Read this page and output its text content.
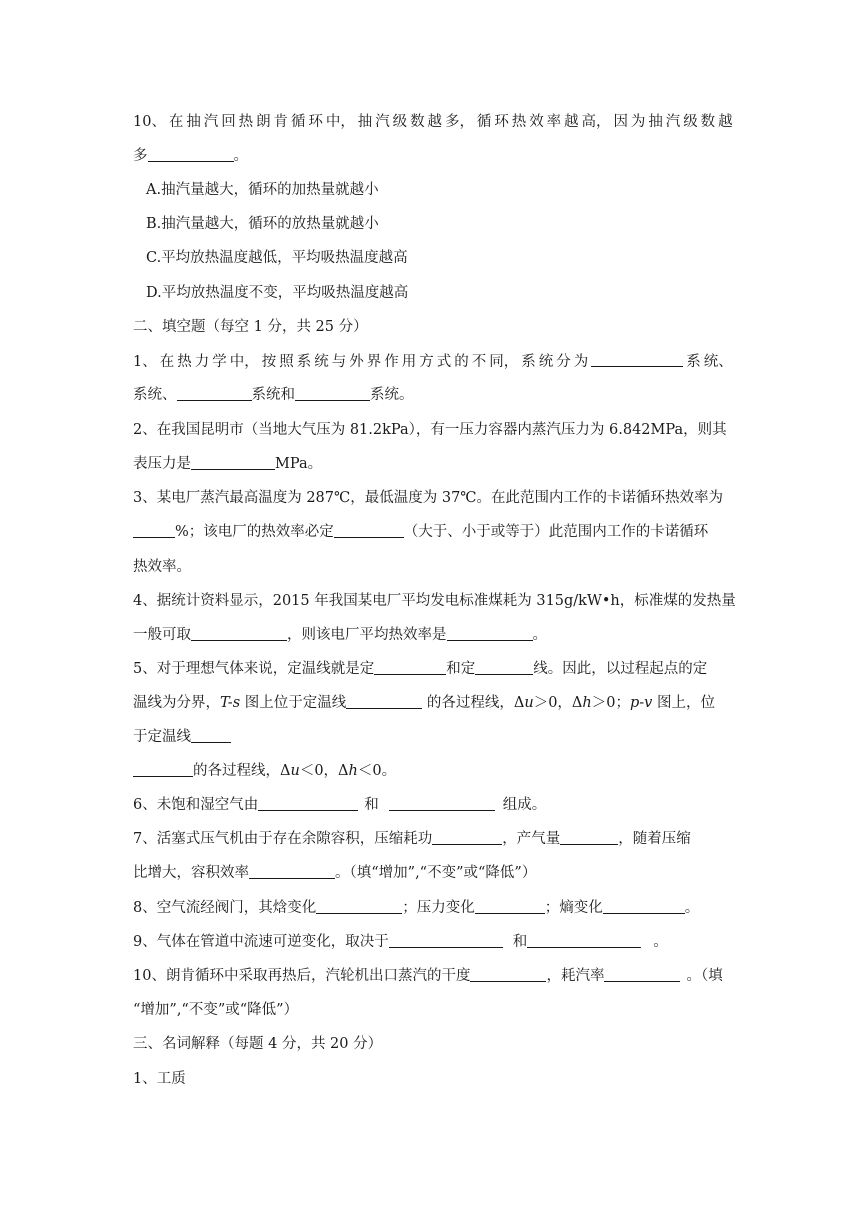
10、 在 抽 汽 回 热 朗 肯 循 环 中， 抽 汽 级 数 越 多， 循 环 热 效 率 越 高， 因 为 抽 汽 级 数 越
多	。
A.抽汽量越大，循环的加热量就越小
B.抽汽量越大，循环的放热量就越小
C.平均放热温度越低，平均吸热温度越高
D.平均放热温度不变，平均吸热温度越高
二、填空题（每空 1 分，共 25 分）
1、 在 热 力 学 中， 按 照 系 统 与 外 界 作 用 方 式 的 不 同， 系 统 分 为	系 统、
系统、	系统和	系统。
2、在我国昆明市（当地大气压为 81.2kPa），有一压力容器内蒸汽压力为 6.842MPa，则其
表压力是	MPa。
3、某电厂蒸汽最高温度为 287℃，最低温度为 37℃。在此范围内工作的卡诺循环热效率为
%；该电厂的热效率必定	（大于、小于或等于）此范围内工作的卡诺循环
热效率。
4、据统计资料显示，2015 年我国某电厂平均发电标准煤耗为 315g/kW•h，标准煤的发热量
一般可取	，则该电厂平均热效率是	。
5、对于理想气体来说，定温线就是定	和定	线。因此，以过程起点的定
温线为分界，T-s 图上位于定温线	的各过程线，Δu＞0，Δh＞0；p-v 图上，位
于定温线
的各过程线，Δu＜0，Δh＜0。
6、未饱和湿空气由	和	组成。
7、活塞式压气机由于存在余隙容积，压缩耗功	，产气量	，随着压缩
比增大，容积效率	。（填“增加”,“不变”或“降低”）
8、空气流经阀门，其焓变化	；压力变化	；熵变化	。
9、气体在管道中流速可逆变化，取决于	和	。
10、朗肯循环中采取再热后，汽轮机出口蒸汽的干度	，耗汽率	。（填
“增加”,“不变”或“降低”）
三、名词解释（每题 4 分，共 20 分）
1、工质
